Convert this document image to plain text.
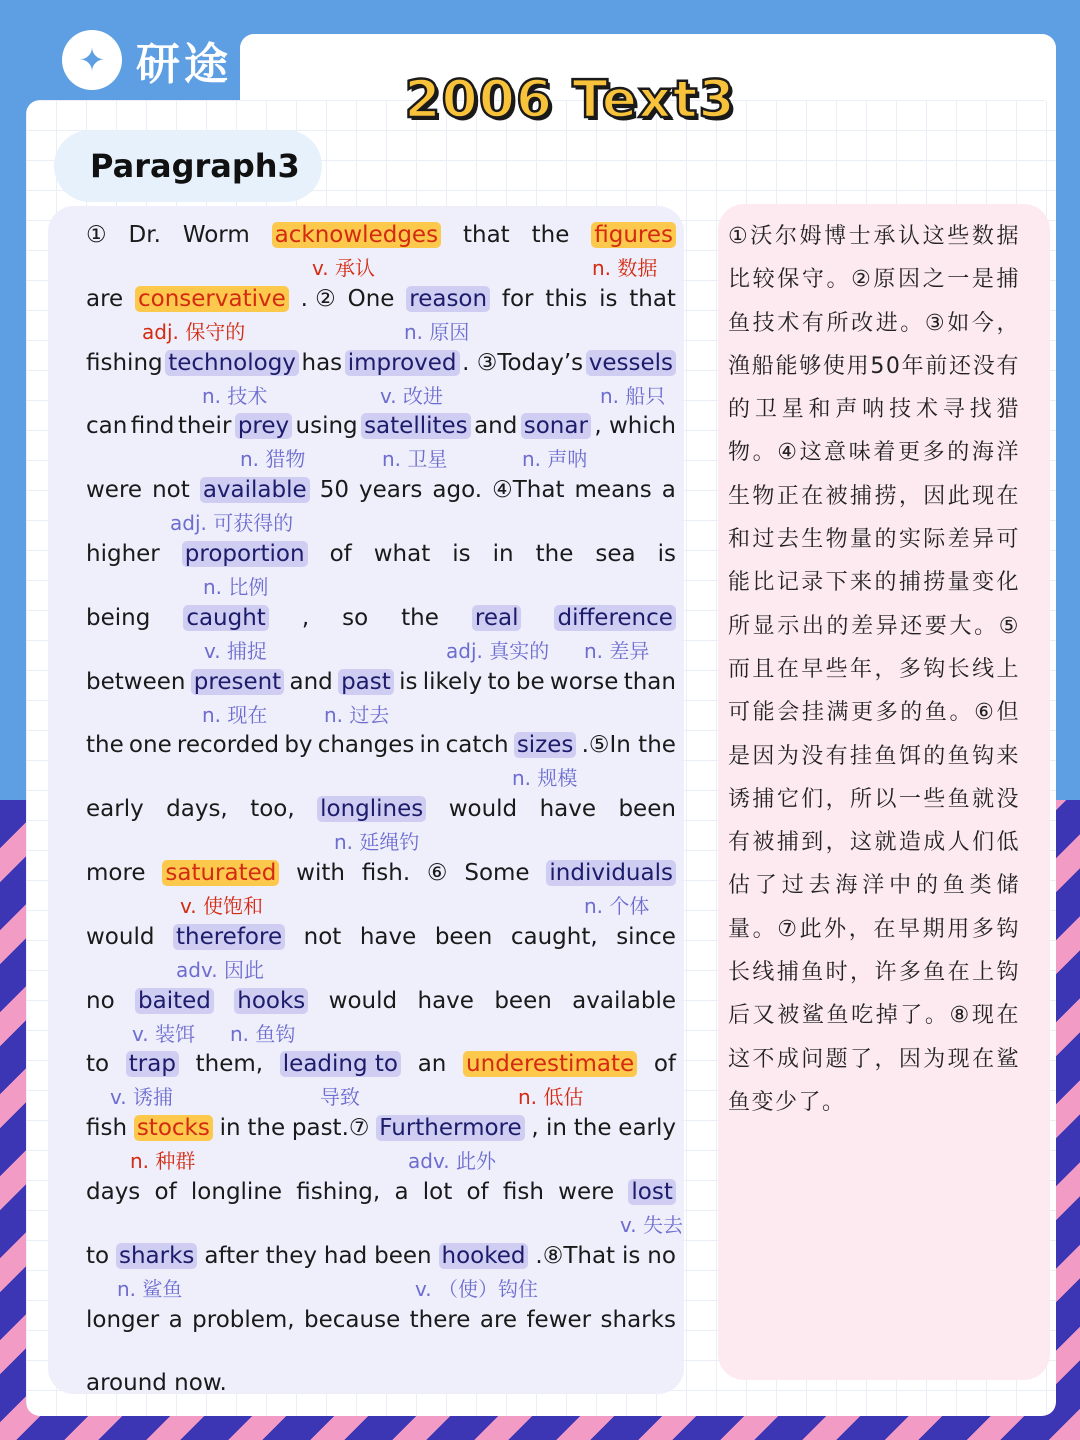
✦ 研途
2006 Text3
Paragraph3
①沃尔姆博士承认这些数据比较保守。②原因之一是捕鱼技术有所改进。③如今，渔船能够使用50年前还没有的卫星和声呐技术寻找猎物。④这意味着更多的海洋生物正在被捕捞，因此现在和过去生物量的实际差异可能比记录下来的捕捞量变化所显示出的差异还要大。⑤而且在早些年，多钩长线上可能会挂满更多的鱼。⑥但是因为没有挂鱼饵的鱼钩来诱捕它们，所以一些鱼就没有被捕到，这就造成人们低估了过去海洋中的鱼类储量。⑦此外，在早期用多钩长线捕鱼时，许多鱼在上钩后又被鲨鱼吃掉了。⑧现在这不成问题了，因为现在鲨鱼变少了。
① Dr. Worm acknowledges that the figures
are conservative . ② One reason for this is that
fishing technology has improved . ③Today’s vessels
can find their prey using satellites and sonar , which
were not available 50 years ago. ④That means a
higher proportion of what is in the sea is
being caught , so the real difference
between present and past is likely to be worse than
the one recorded by changes in catch sizes .⑤In the
early days, too, longlines would have been
more saturated with fish. ⑥ Some individuals
would therefore not have been caught, since
no baited hooks would have been available
to trap them, leading to an underestimate of
fish stocks in the past.⑦ Furthermore , in the early
days of longline fishing, a lot of fish were lost
to sharks after they had been hooked .⑧That is no
longer a problem, because there are fewer sharks
around now.
v. 承认	n. 数据
adj. 保守的	n. 原因
n. 技术	v. 改进	n. 船只
n. 猎物	n. 卫星	n. 声呐
adj. 可获得的
n. 比例
v. 捕捉	adj. 真实的 n. 差异
n. 现在	n. 过去
n. 规模
n. 延绳钓
v. 使饱和	n. 个体
adv. 因此
v. 装饵 n. 鱼钩
v. 诱捕	导致	n. 低估
n. 种群	adv. 此外
v. 失去
n. 鲨鱼	v. （使）钩住
